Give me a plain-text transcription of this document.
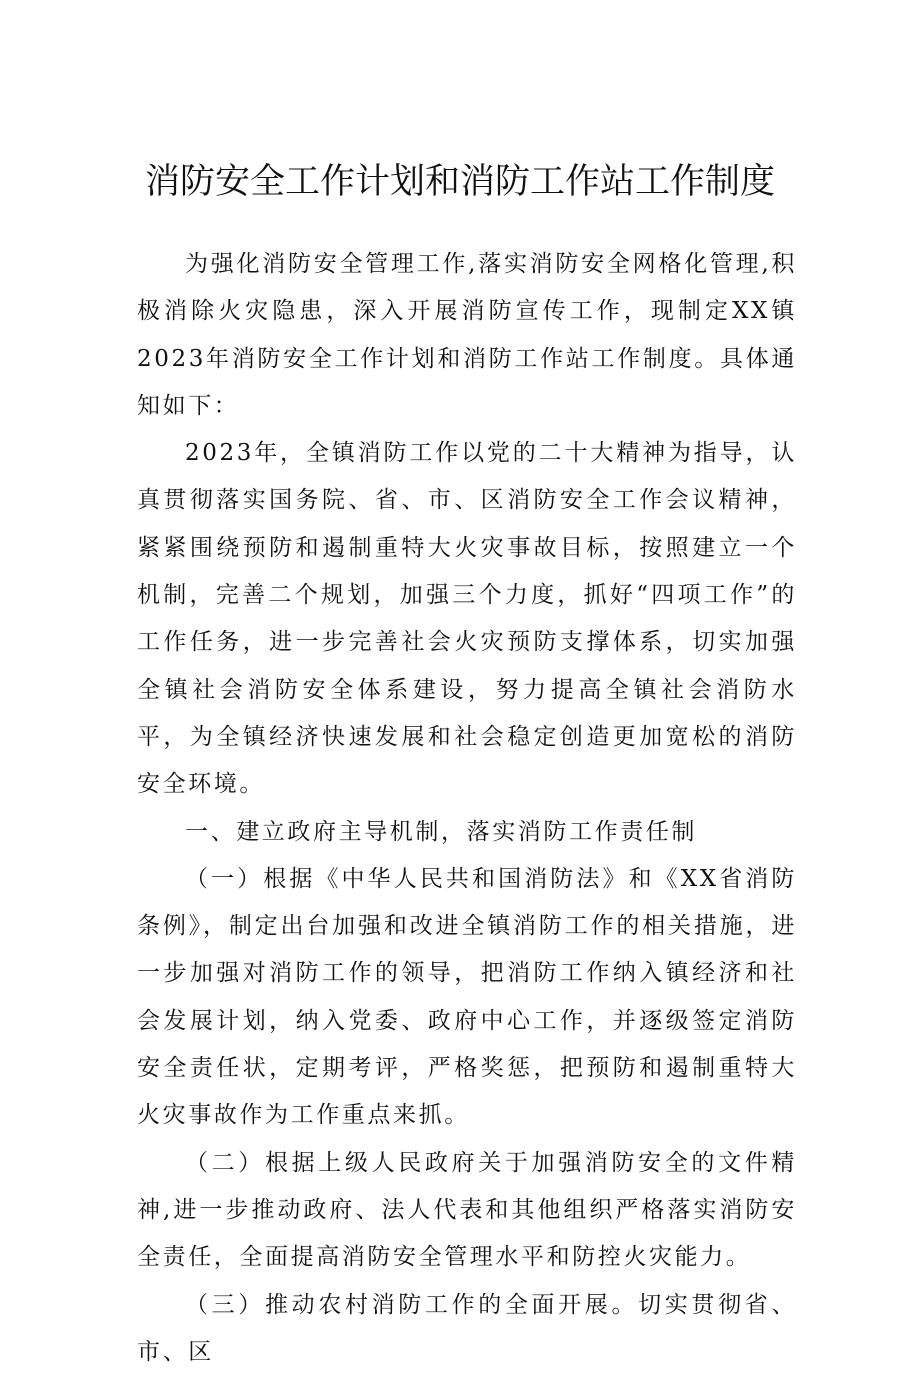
消防安全工作计划和消防工作站工作制度

为强化消防安全管理工作,落实消防安全网格化管理,积极消除火灾隐患，深入开展消防宣传工作，现制定XX镇2023年消防安全工作计划和消防工作站工作制度。具体通知如下：

2023年，全镇消防工作以党的二十大精神为指导，认真贯彻落实国务院、省、市、区消防安全工作会议精神，紧紧围绕预防和遏制重特大火灾事故目标，按照建立一个机制，完善二个规划，加强三个力度，抓好“四项工作”的工作任务，进一步完善社会火灾预防支撑体系，切实加强全镇社会消防安全体系建设，努力提高全镇社会消防水平，为全镇经济快速发展和社会稳定创造更加宽松的消防安全环境。

一、建立政府主导机制，落实消防工作责任制

（一）根据《中华人民共和国消防法》和《XX省消防条例》，制定出台加强和改进全镇消防工作的相关措施，进一步加强对消防工作的领导，把消防工作纳入镇经济和社会发展计划，纳入党委、政府中心工作，并逐级签定消防安全责任状，定期考评，严格奖惩，把预防和遏制重特大火灾事故作为工作重点来抓。

（二）根据上级人民政府关于加强消防安全的文件精神,进一步推动政府、法人代表和其他组织严格落实消防安全责任，全面提高消防安全管理水平和防控火灾能力。

（三）推动农村消防工作的全面开展。切实贯彻省、市、区
